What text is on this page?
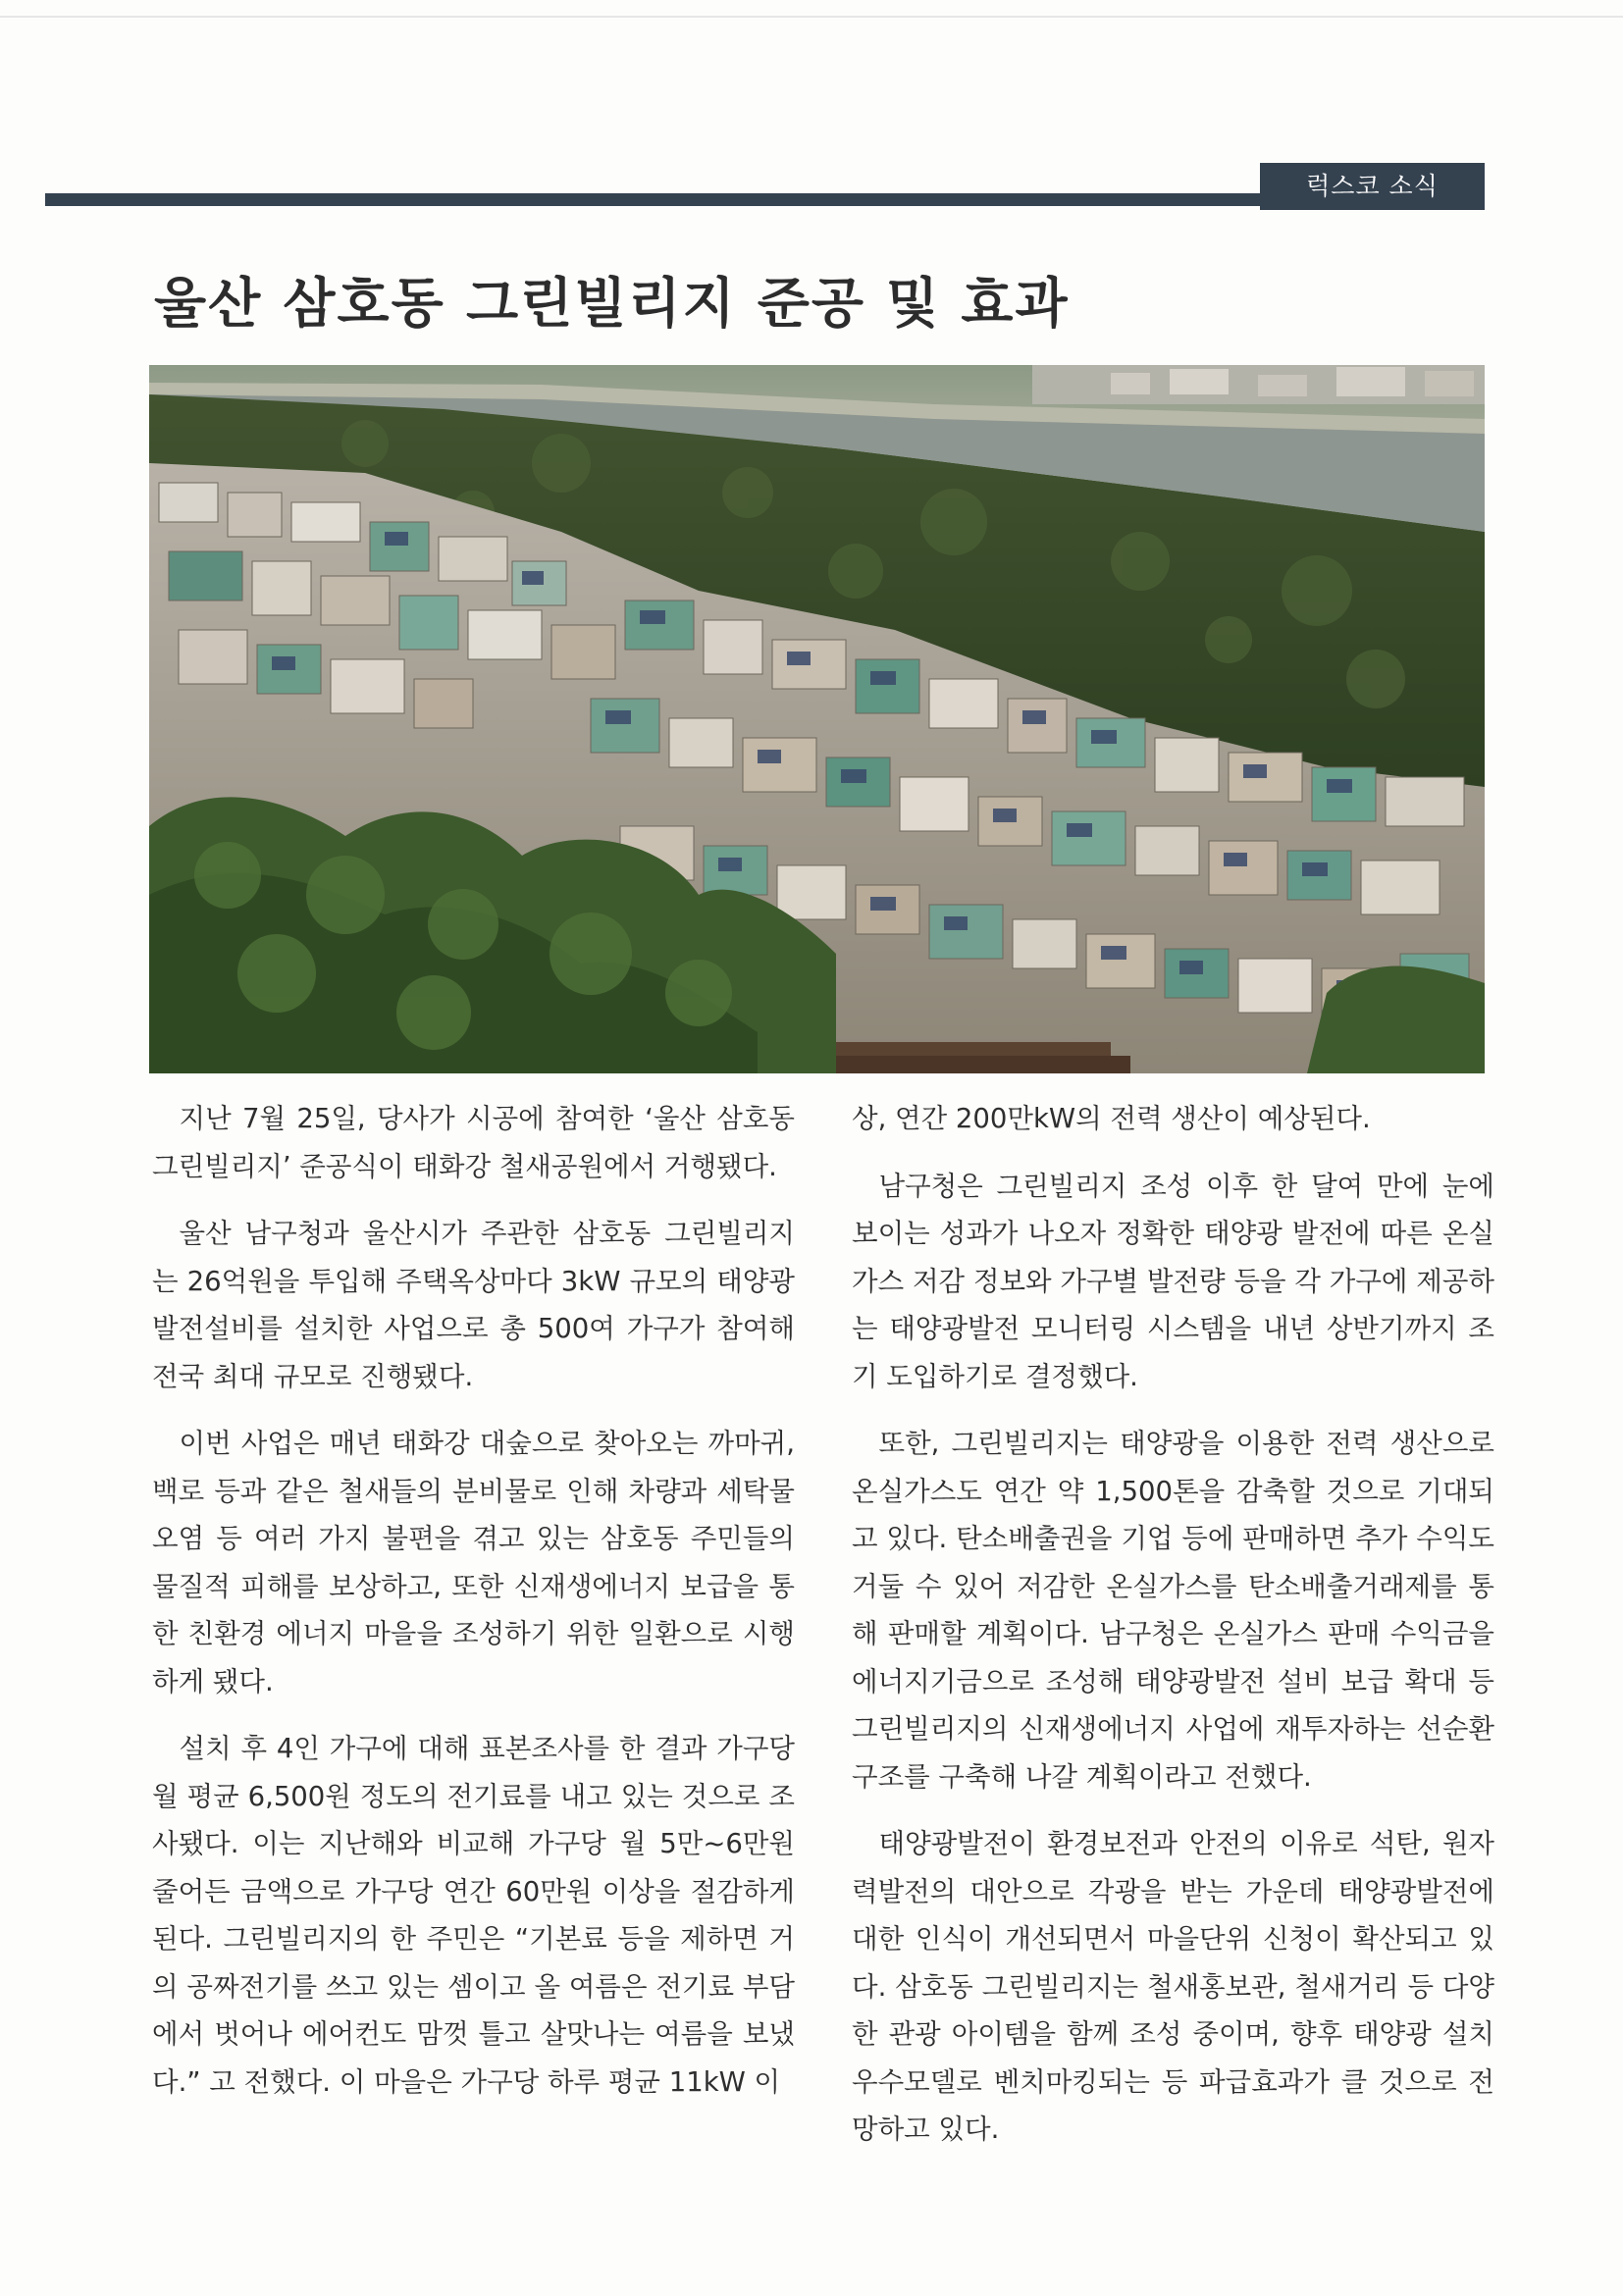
럭스코 소식
울산 삼호동 그린빌리지 준공 및 효과

지난 7월 25일, 당사가 시공에 참여한 ‘울산 삼호동 그린빌리지’ 준공식이 태화강 철새공원에서 거행됐다.

울산 남구청과 울산시가 주관한 삼호동 그린빌리지는 26억원을 투입해 주택옥상마다 3kW 규모의 태양광발전설비를 설치한 사업으로 총 500여 가구가 참여해 전국 최대 규모로 진행됐다.

이번 사업은 매년 태화강 대숲으로 찾아오는 까마귀, 백로 등과 같은 철새들의 분비물로 인해 차량과 세탁물 오염 등 여러 가지 불편을 겪고 있는 삼호동 주민들의 물질적 피해를 보상하고, 또한 신재생에너지 보급을 통한 친환경 에너지 마을을 조성하기 위한 일환으로 시행하게 됐다.

설치 후 4인 가구에 대해 표본조사를 한 결과 가구당 월 평균 6,500원 정도의 전기료를 내고 있는 것으로 조사됐다. 이는 지난해와 비교해 가구당 월 5만~6만원 줄어든 금액으로 가구당 연간 60만원 이상을 절감하게 된다. 그린빌리지의 한 주민은 “기본료 등을 제하면 거의 공짜전기를 쓰고 있는 셈이고 올 여름은 전기료 부담에서 벗어나 에어컨도 맘껏 틀고 살맛나는 여름을 보냈다.” 고 전했다. 이 마을은 가구당 하루 평균 11kW 이

상, 연간 200만kW의 전력 생산이 예상된다.

남구청은 그린빌리지 조성 이후 한 달여 만에 눈에 보이는 성과가 나오자 정확한 태양광 발전에 따른 온실가스 저감 정보와 가구별 발전량 등을 각 가구에 제공하는 태양광발전 모니터링 시스템을 내년 상반기까지 조기 도입하기로 결정했다.

또한, 그린빌리지는 태양광을 이용한 전력 생산으로 온실가스도 연간 약 1,500톤을 감축할 것으로 기대되고 있다. 탄소배출권을 기업 등에 판매하면 추가 수익도 거둘 수 있어 저감한 온실가스를 탄소배출거래제를 통해 판매할 계획이다. 남구청은 온실가스 판매 수익금을 에너지기금으로 조성해 태양광발전 설비 보급 확대 등 그린빌리지의 신재생에너지 사업에 재투자하는 선순환 구조를 구축해 나갈 계획이라고 전했다.

태양광발전이 환경보전과 안전의 이유로 석탄, 원자력발전의 대안으로 각광을 받는 가운데 태양광발전에 대한 인식이 개선되면서 마을단위 신청이 확산되고 있다. 삼호동 그린빌리지는 철새홍보관, 철새거리 등 다양한 관광 아이템을 함께 조성 중이며, 향후 태양광 설치 우수모델로 벤치마킹되는 등 파급효과가 클 것으로 전망하고 있다.
